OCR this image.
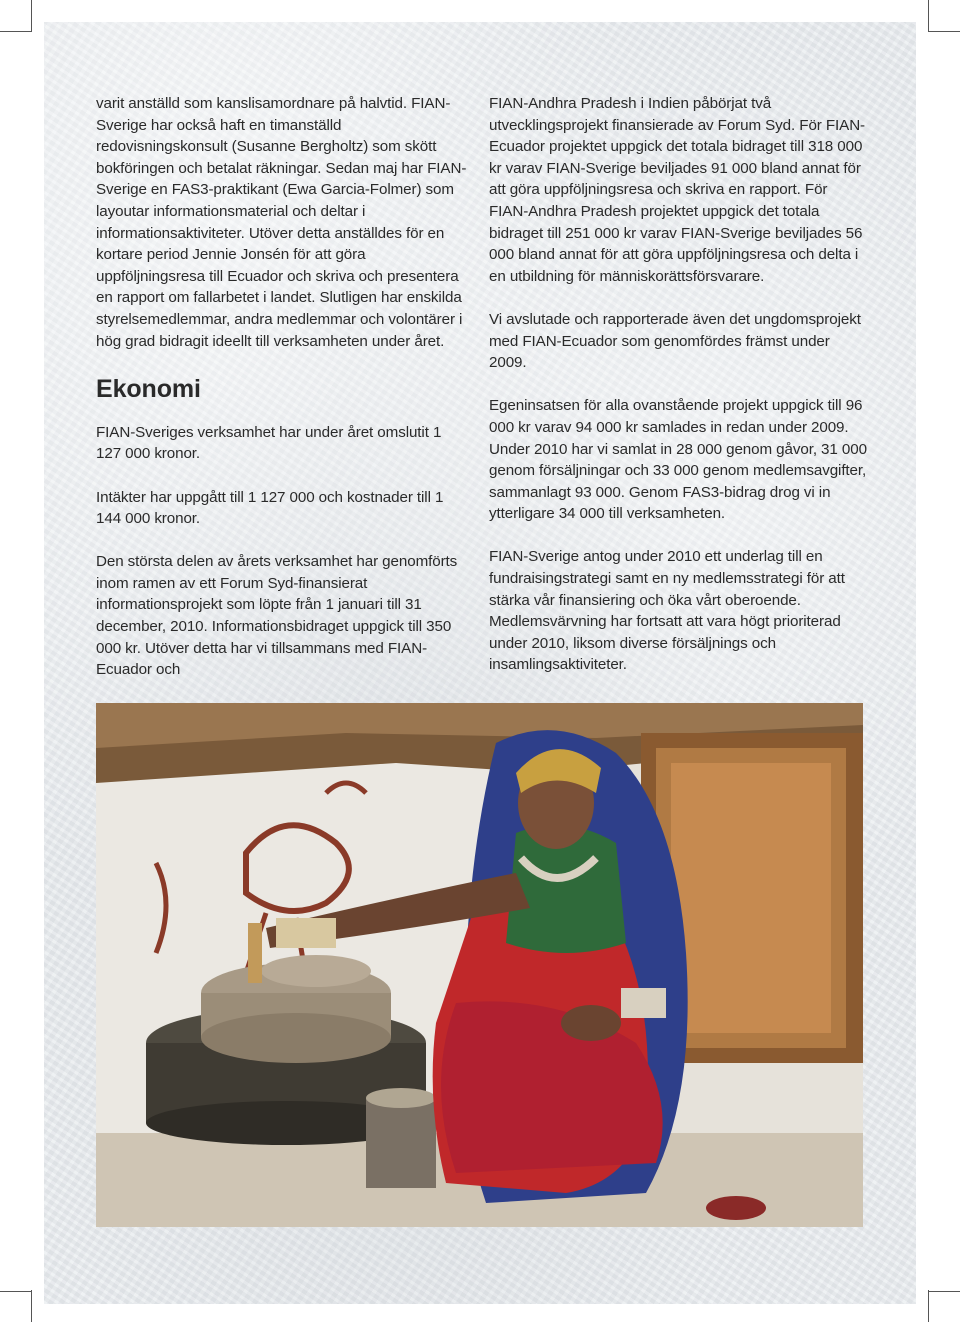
varit anställd som kanslisamordnare på halvtid. FIAN-Sverige har också haft en timanställd redovisningskonsult (Susanne Bergholtz) som skött bokföringen och betalat räkningar. Sedan maj har FIAN-Sverige en FAS3-praktikant (Ewa Garcia-Folmer) som layoutar informationsmaterial och deltar i informationsaktiviteter. Utöver detta anställdes för en kortare period Jennie Jonsén för att göra uppföljningsresa till Ecuador och skriva och presentera en rapport om fallarbetet i landet. Slutligen har enskilda styrelsemedlemmar, andra medlemmar och volontärer i hög grad bidragit ideellt till verksamheten under året.

Ekonomi

FIAN-Sveriges verksamhet har under året omslutit 1 127 000 kronor.

Intäkter har uppgått till 1 127 000 och kostnader till 1 144 000 kronor.

Den största delen av årets verksamhet har genomförts inom ramen av ett Forum Syd-finansierat informationsprojekt som löpte från 1 januari till 31 december, 2010. Informationsbidraget uppgick till 350 000 kr. Utöver detta har vi tillsammans med FIAN-Ecuador och

FIAN-Andhra Pradesh i Indien påbörjat två utvecklingsprojekt finansierade av Forum Syd. För FIAN-Ecuador projektet uppgick det totala bidraget till 318 000 kr varav FIAN-Sverige beviljades 91 000 bland annat för att göra uppföljningsresa och skriva en rapport. För FIAN-Andhra Pradesh projektet uppgick det totala bidraget till 251 000 kr varav FIAN-Sverige beviljades 56 000 bland annat för att göra uppföljningsresa och delta i en utbildning för människorättsförsvarare.

Vi avslutade och rapporterade även det ungdomsprojekt med FIAN-Ecuador som genomfördes främst under 2009.

Egeninsatsen för alla ovanstående projekt uppgick till 96 000 kr varav 94 000 kr samlades in redan under 2009. Under 2010 har vi samlat in 28 000 genom gåvor, 31 000 genom försäljningar och 33 000 genom medlemsavgifter, sammanlagt 93 000. Genom FAS3-bidrag drog vi in ytterligare 34 000 till verksamheten.

FIAN-Sverige antog under 2010 ett underlag till en fundraisingstrategi samt en ny medlemsstrategi för att stärka vår finansiering och öka vårt oberoende. Medlemsvärvning har fortsatt att vara högt prioriterad under 2010, liksom diverse försäljnings och insamlingsaktiviteter.
